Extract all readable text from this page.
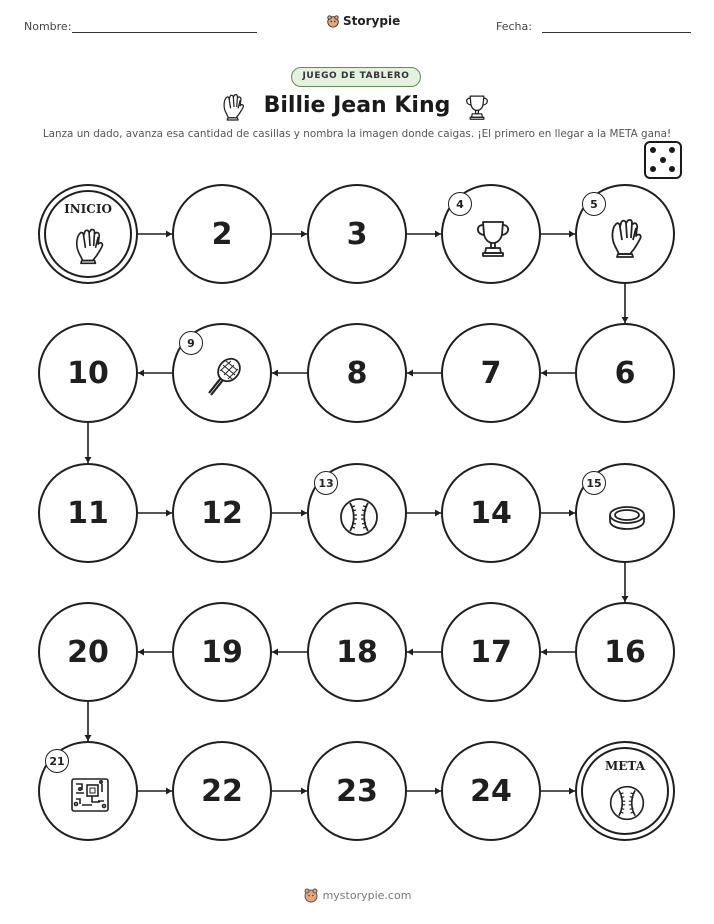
Nombre:	Storypie	Fecha:
JUEGO DE TABLERO
Billie Jean King
Lanza un dado, avanza esa cantidad de casillas y nombra la imagen donde caigas. ¡El primero en llegar a la META gana!
INICIO
2	3
4	5
6
7
8
9
10
11	12
13
14
15
16
17
18
19
20
21
22	23	24
META
mystorypie.com
